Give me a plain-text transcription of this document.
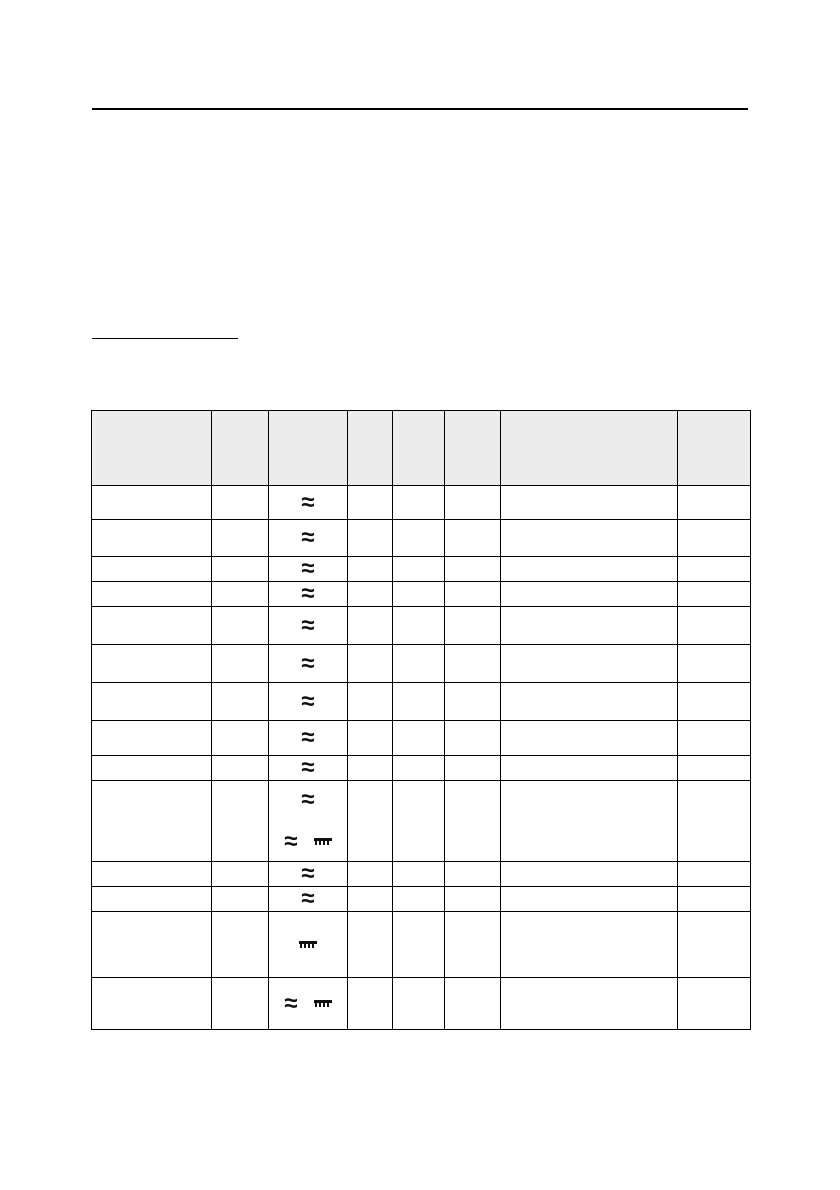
		≈					

		≈					

		≈					

		≈					

		≈					

		≈					

		≈					

		≈					

		≈					

		≈
≈					

		≈					

		≈					

		≈					
